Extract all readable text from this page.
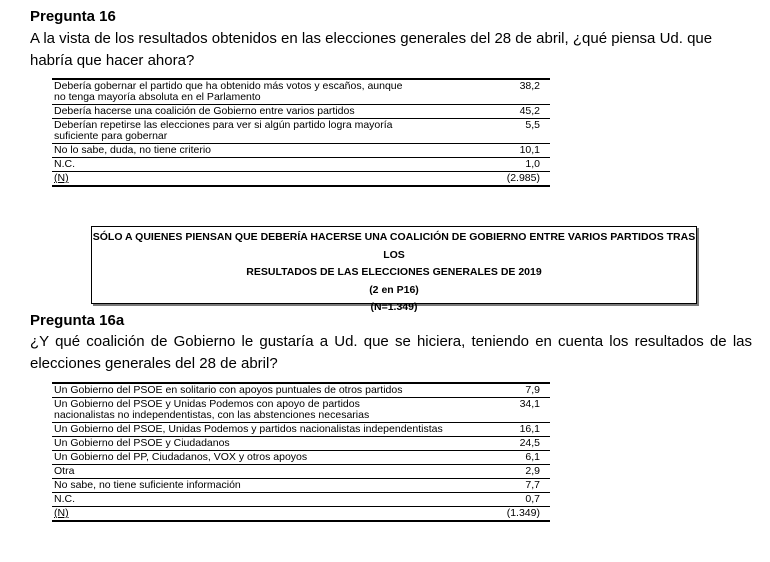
Pregunta 16
A la vista de los resultados obtenidos en las elecciones generales del 28 de abril, ¿qué piensa Ud. que habría que hacer ahora?
Debería gobernar el partido que ha obtenido más votos y escaños, aunque no tenga mayoría absoluta en el Parlamento	38,2
Debería hacerse una coalición de Gobierno entre varios partidos	45,2
Deberían repetirse las elecciones para ver si algún partido logra mayoría suficiente para gobernar	5,5
No lo sabe, duda, no tiene criterio	10,1
N.C.	1,0
(N)	(2.985)
SÓLO A QUIENES PIENSAN QUE DEBERÍA HACERSE UNA COALICIÓN DE GOBIERNO ENTRE VARIOS PARTIDOS TRAS LOS
RESULTADOS DE LAS ELECCIONES GENERALES DE 2019
(2 en P16)
(N=1.349)
Pregunta 16a
¿Y qué coalición de Gobierno le gustaría a Ud. que se hiciera, teniendo en cuenta los resultados de las elecciones generales del 28 de abril?
Un Gobierno del PSOE en solitario con apoyos puntuales de otros partidos	7,9
Un Gobierno del PSOE y Unidas Podemos con apoyo de partidos nacionalistas no independentistas, con las abstenciones necesarias	34,1
Un Gobierno del PSOE, Unidas Podemos y partidos nacionalistas independentistas	16,1
Un Gobierno del PSOE y Ciudadanos	24,5
Un Gobierno del PP, Ciudadanos, VOX y otros apoyos	6,1
Otra	2,9
No sabe, no tiene suficiente información	7,7
N.C.	0,7
(N)	(1.349)
